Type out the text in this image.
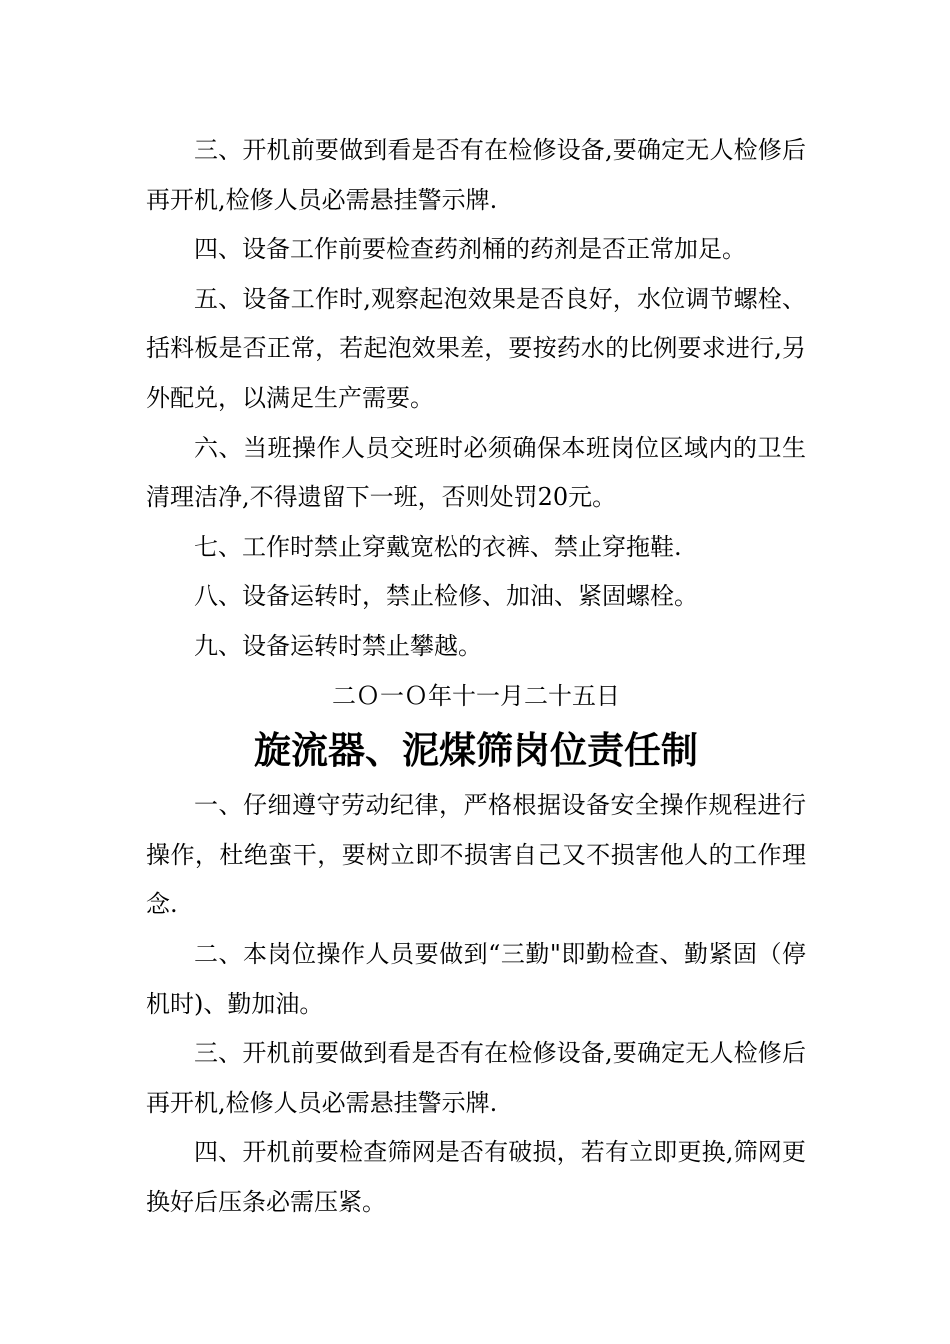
三、开机前要做到看是否有在检修设备,要确定无人检修后再开机,检修人员必需悬挂警示牌.

四、设备工作前要检查药剂桶的药剂是否正常加足。

五、设备工作时,观察起泡效果是否良好，水位调节螺栓、括料板是否正常，若起泡效果差，要按药水的比例要求进行,另外配兑，以满足生产需要。

六、当班操作人员交班时必须确保本班岗位区域内的卫生清理洁净,不得遗留下一班，否则处罚20元。

七、工作时禁止穿戴宽松的衣裤、禁止穿拖鞋.

八、设备运转时，禁止检修、加油、紧固螺栓。

九、设备运转时禁止攀越。

二Ｏ一Ｏ年十一月二十五日

旋流器、泥煤筛岗位责任制

一、仔细遵守劳动纪律，严格根据设备安全操作规程进行操作，杜绝蛮干，要树立即不损害自己又不损害他人的工作理念.

二、本岗位操作人员要做到“三勤"即勤检查、勤紧固（停机时)、勤加油。

三、开机前要做到看是否有在检修设备,要确定无人检修后再开机,检修人员必需悬挂警示牌.

四、开机前要检查筛网是否有破损，若有立即更换,筛网更换好后压条必需压紧。
